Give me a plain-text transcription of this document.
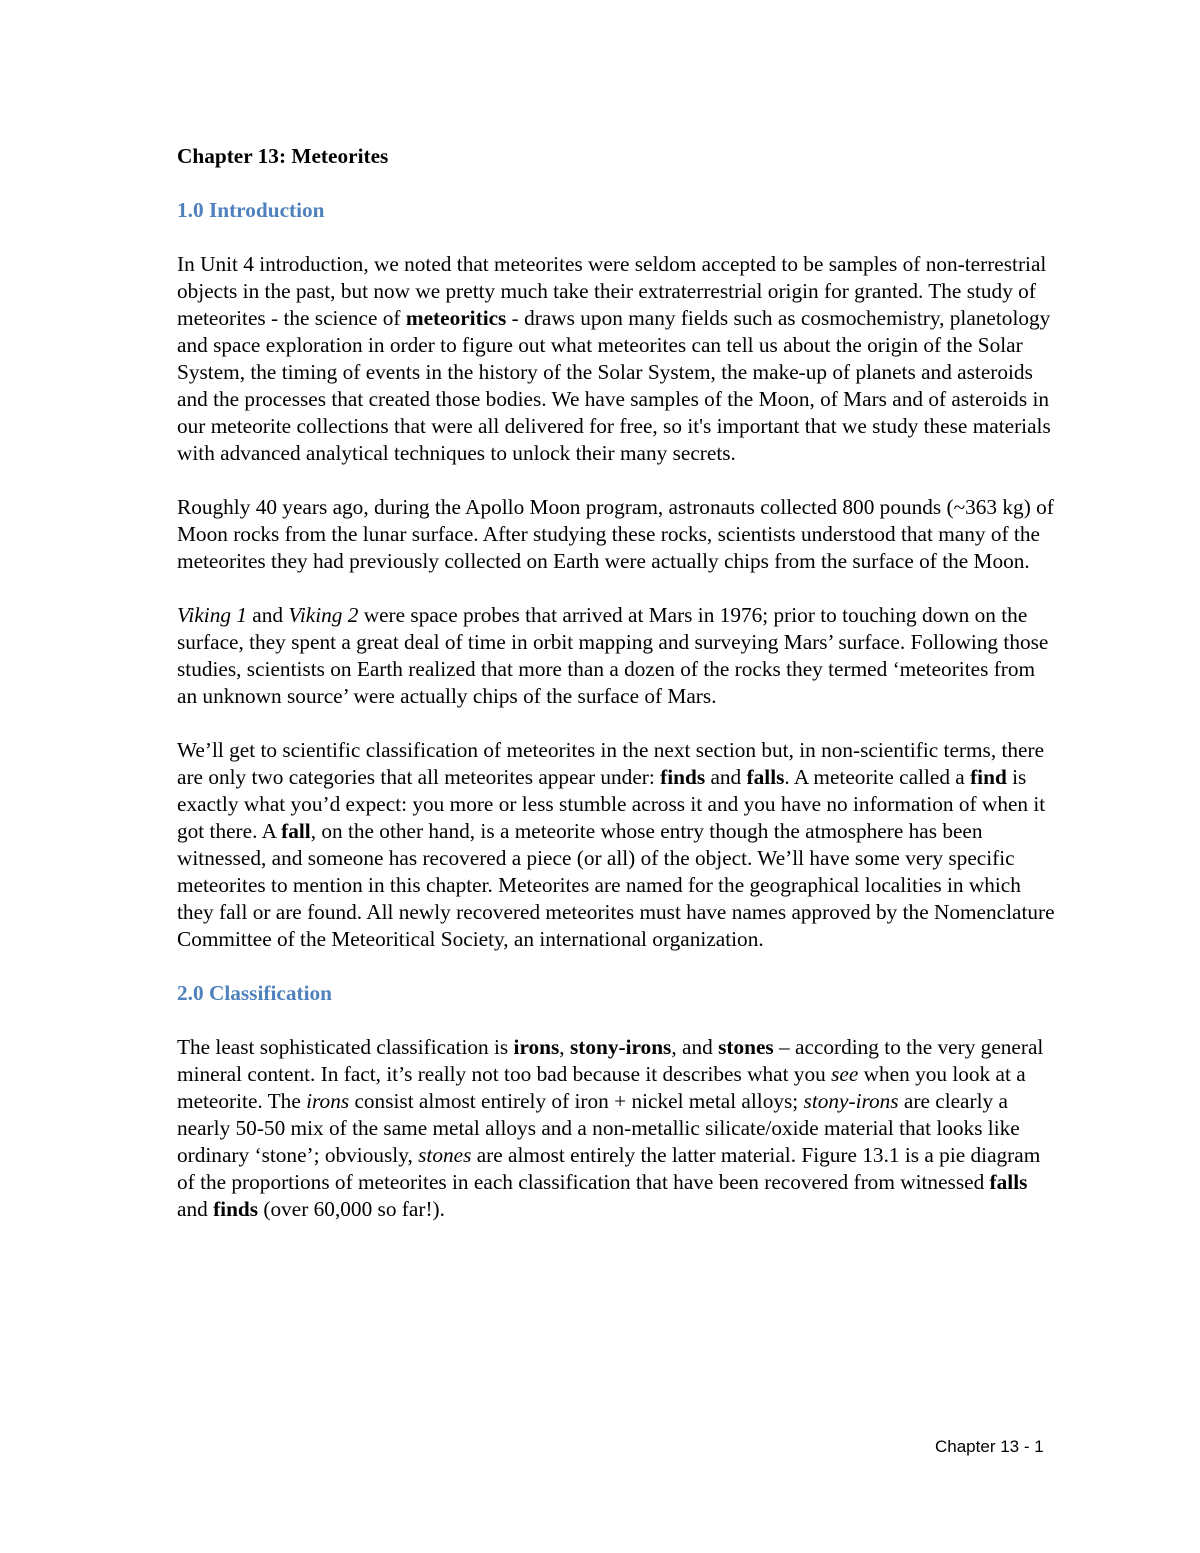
Chapter 13: Meteorites
1.0 Introduction

In Unit 4 introduction, we noted that meteorites were seldom accepted to be samples of non-terrestrial objects in the past, but now we pretty much take their extraterrestrial origin for granted. The study of meteorites - the science of meteoritics - draws upon many fields such as cosmochemistry, planetology and space exploration in order to figure out what meteorites can tell us about the origin of the Solar System, the timing of events in the history of the Solar System, the make-up of planets and asteroids and the processes that created those bodies. We have samples of the Moon, of Mars and of asteroids in our meteorite collections that were all delivered for free, so it's important that we study these materials with advanced analytical techniques to unlock their many secrets.

Roughly 40 years ago, during the Apollo Moon program, astronauts collected 800 pounds (~363 kg) of Moon rocks from the lunar surface. After studying these rocks, scientists understood that many of the meteorites they had previously collected on Earth were actually chips from the surface of the Moon.

Viking 1 and Viking 2 were space probes that arrived at Mars in 1976; prior to touching down on the surface, they spent a great deal of time in orbit mapping and surveying Mars’ surface. Following those studies, scientists on Earth realized that more than a dozen of the rocks they termed ‘meteorites from an unknown source’ were actually chips of the surface of Mars.

We’ll get to scientific classification of meteorites in the next section but, in non-scientific terms, there are only two categories that all meteorites appear under: finds and falls. A meteorite called a find is exactly what you’d expect: you more or less stumble across it and you have no information of when it got there. A fall, on the other hand, is a meteorite whose entry though the atmosphere has been witnessed, and someone has recovered a piece (or all) of the object. We’ll have some very specific meteorites to mention in this chapter. Meteorites are named for the geographical localities in which they fall or are found. All newly recovered meteorites must have names approved by the Nomenclature Committee of the Meteoritical Society, an international organization.

2.0 Classification

The least sophisticated classification is irons, stony-irons, and stones – according to the very general mineral content. In fact, it’s really not too bad because it describes what you see when you look at a meteorite. The irons consist almost entirely of iron + nickel metal alloys; stony-irons are clearly a nearly 50-50 mix of the same metal alloys and a non-metallic silicate/oxide material that looks like ordinary ‘stone’; obviously, stones are almost entirely the latter material. Figure 13.1 is a pie diagram of the proportions of meteorites in each classification that have been recovered from witnessed falls and finds (over 60,000 so far!).

Chapter 13 - 1
